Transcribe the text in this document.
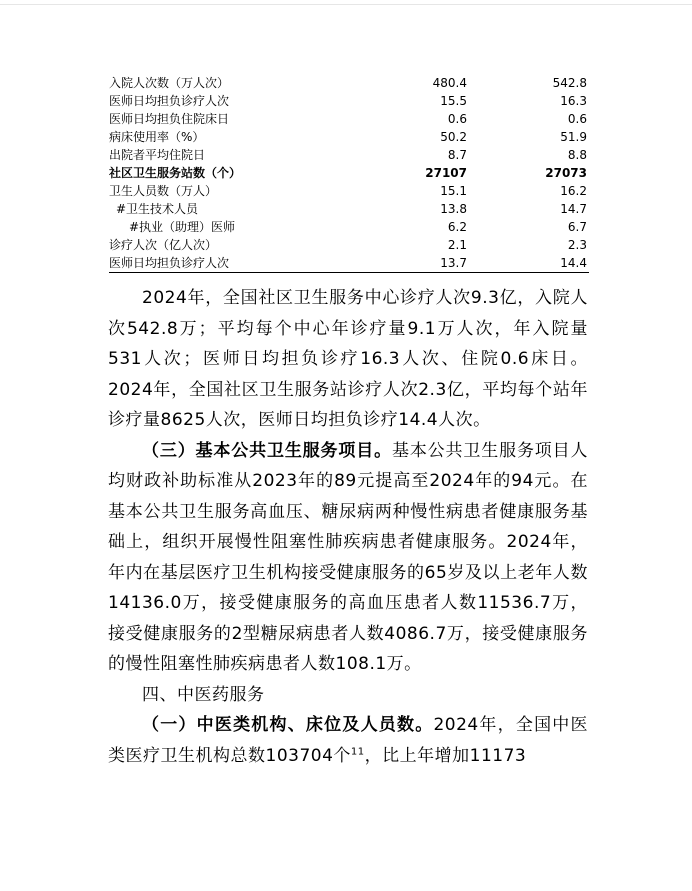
入院人次数（万人次）	480.4	542.8
医师日均担负诊疗人次	15.5	16.3
医师日均担负住院床日	0.6	0.6
病床使用率（%）	50.2	51.9
出院者平均住院日	8.7	8.8
社区卫生服务站数（个）	27107	27073
卫生人员数（万人）	15.1	16.2
#卫生技术人员	13.8	14.7
#执业（助理）医师	6.2	6.7
诊疗人次（亿人次）	2.1	2.3
医师日均担负诊疗人次	13.7	14.4

2024年，全国社区卫生服务中心诊疗人次9.3亿，入院人次542.8万；平均每个中心年诊疗量9.1万人次，年入院量531人次；医师日均担负诊疗16.3人次、住院0.6床日。2024年，全国社区卫生服务站诊疗人次2.3亿，平均每个站年诊疗量8625人次，医师日均担负诊疗14.4人次。

（三）基本公共卫生服务项目。基本公共卫生服务项目人均财政补助标准从2023年的89元提高至2024年的94元。在基本公共卫生服务高血压、糖尿病两种慢性病患者健康服务基础上，组织开展慢性阻塞性肺疾病患者健康服务。2024年，年内在基层医疗卫生机构接受健康服务的65岁及以上老年人数14136.0万，接受健康服务的高血压患者人数11536.7万，接受健康服务的2型糖尿病患者人数4086.7万，接受健康服务的慢性阻塞性肺疾病患者人数108.1万。

四、中医药服务

（一）中医类机构、床位及人员数。2024年，全国中医类医疗卫生机构总数103704个$^{11}$，比上年增加11173
